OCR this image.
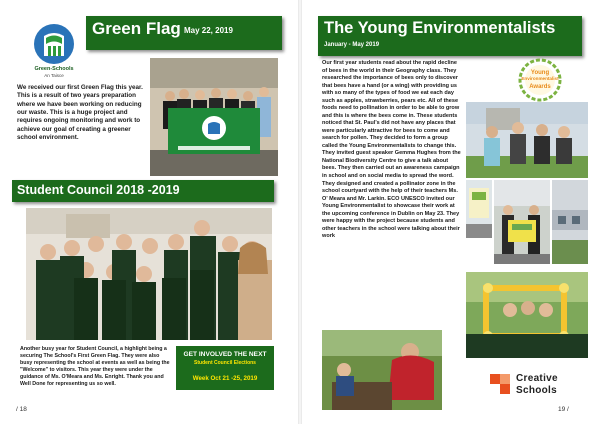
Green-Schools
An Taisce
Green Flag May 22, 2019
We received our first Green Flag this year. This is a result of two years preparation where we have been working on reducing our waste. This is a huge project and requires ongoing monitoring and work to achieve our goal of creating a greener school environment.
Student Council 2018 -2019
Another busy year for Student Council, a highlight being a securing The School's First Green Flag. They were also busy representing the school at events as well as being the "Welcome" to visitors. This year they were under the guidance of Ms. O'Meara and Ms. Enright. Thank you and Well Done for representing us so well.
GET INVOLVED THE NEXT
Student Council Elections
Week Oct 21 -25, 2019
/ 18
The Young Environmentalists
January - May 2019
Our first year students read about the rapid decline of bees in the world in their Geography class. They researched the importance of bees only to discover that bees have a hand (or a wing) with providing us with so many of the types of food we eat each day such as apples, strawberries, pears etc. All of these foods need to pollination in order to be able to grow and this is where the bees come in. These students noticed that St. Paul's did not have any places that were particularly attractive for bees to come and search for pollen. They decided to form a group called the Young Environmentalists to change this. They invited guest speaker Gemma Hughes from the National Biodiversity Centre to give a talk about bees. They then carried out an awareness campaign in school and on social media to spread the word. They designed and created a pollinator zone in the school courtyard with the help of their teachers Ms. O' Meara and Mr. Larkin. ECO UNESCO invited our Young Environmentalist to showcase their work at the upcoming conference in Dublin on May 23. They were happy with the project because students and other teachers in the school were talking about their work
Young
Environmentalist
Awards
Creative
Schools
19 /
